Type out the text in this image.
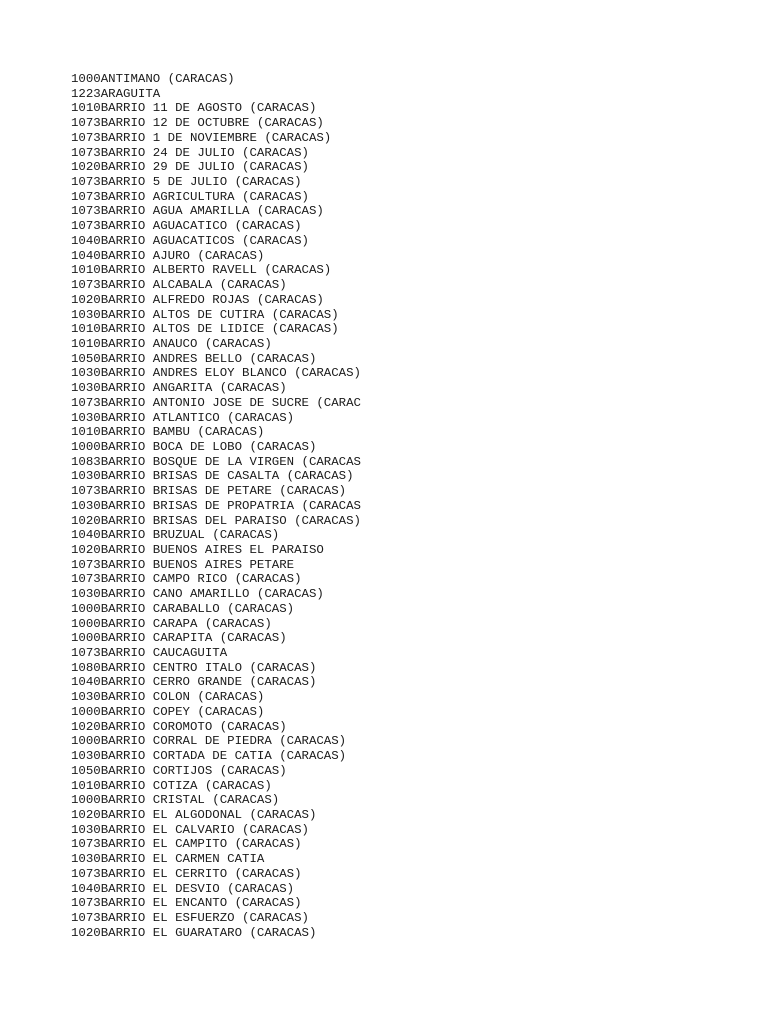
1000ANTIMANO (CARACAS)
1223ARAGUITA
1010BARRIO 11 DE AGOSTO (CARACAS)
1073BARRIO 12 DE OCTUBRE (CARACAS)
1073BARRIO 1 DE NOVIEMBRE (CARACAS)
1073BARRIO 24 DE JULIO (CARACAS)
1020BARRIO 29 DE JULIO (CARACAS)
1073BARRIO 5 DE JULIO (CARACAS)
1073BARRIO AGRICULTURA (CARACAS)
1073BARRIO AGUA AMARILLA (CARACAS)
1073BARRIO AGUACATICO (CARACAS)
1040BARRIO AGUACATICOS (CARACAS)
1040BARRIO AJURO (CARACAS)
1010BARRIO ALBERTO RAVELL (CARACAS)
1073BARRIO ALCABALA (CARACAS)
1020BARRIO ALFREDO ROJAS (CARACAS)
1030BARRIO ALTOS DE CUTIRA (CARACAS)
1010BARRIO ALTOS DE LIDICE (CARACAS)
1010BARRIO ANAUCO (CARACAS)
1050BARRIO ANDRES BELLO (CARACAS)
1030BARRIO ANDRES ELOY BLANCO (CARACAS)
1030BARRIO ANGARITA (CARACAS)
1073BARRIO ANTONIO JOSE DE SUCRE (CARAC
1030BARRIO ATLANTICO (CARACAS)
1010BARRIO BAMBU (CARACAS)
1000BARRIO BOCA DE LOBO (CARACAS)
1083BARRIO BOSQUE DE LA VIRGEN (CARACAS
1030BARRIO BRISAS DE CASALTA (CARACAS)
1073BARRIO BRISAS DE PETARE (CARACAS)
1030BARRIO BRISAS DE PROPATRIA (CARACAS
1020BARRIO BRISAS DEL PARAISO (CARACAS)
1040BARRIO BRUZUAL (CARACAS)
1020BARRIO BUENOS AIRES EL PARAISO
1073BARRIO BUENOS AIRES PETARE
1073BARRIO CAMPO RICO (CARACAS)
1030BARRIO CANO AMARILLO (CARACAS)
1000BARRIO CARABALLO (CARACAS)
1000BARRIO CARAPA (CARACAS)
1000BARRIO CARAPITA (CARACAS)
1073BARRIO CAUCAGUITA
1080BARRIO CENTRO ITALO (CARACAS)
1040BARRIO CERRO GRANDE (CARACAS)
1030BARRIO COLON (CARACAS)
1000BARRIO COPEY (CARACAS)
1020BARRIO COROMOTO (CARACAS)
1000BARRIO CORRAL DE PIEDRA (CARACAS)
1030BARRIO CORTADA DE CATIA (CARACAS)
1050BARRIO CORTIJOS (CARACAS)
1010BARRIO COTIZA (CARACAS)
1000BARRIO CRISTAL (CARACAS)
1020BARRIO EL ALGODONAL (CARACAS)
1030BARRIO EL CALVARIO (CARACAS)
1073BARRIO EL CAMPITO (CARACAS)
1030BARRIO EL CARMEN CATIA
1073BARRIO EL CERRITO (CARACAS)
1040BARRIO EL DESVIO (CARACAS)
1073BARRIO EL ENCANTO (CARACAS)
1073BARRIO EL ESFUERZO (CARACAS)
1020BARRIO EL GUARATARO (CARACAS)
